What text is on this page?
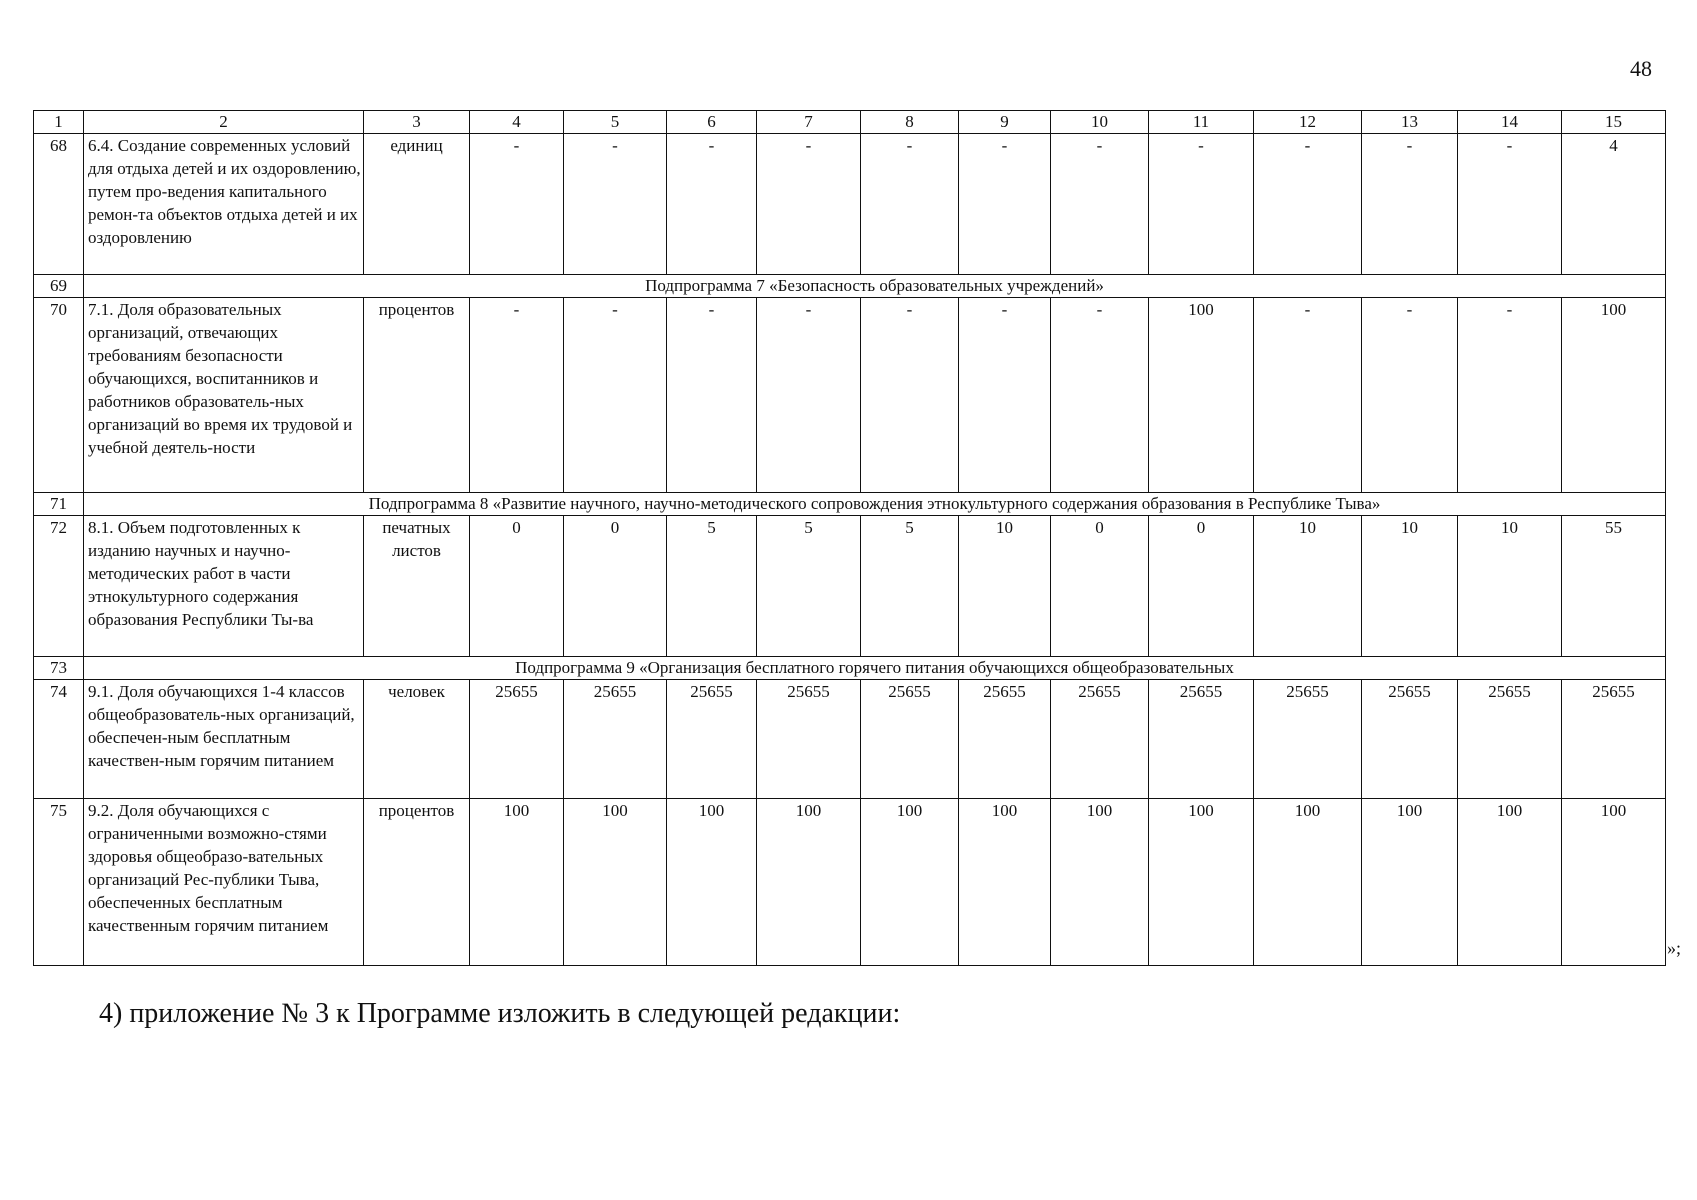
48
1	2	3	4	5	6	7	8	9	10	11	12	13	14	15
68	6.4. Создание современных условий для отдыха детей и их оздоровлению, путем про-ведения капитального ремон-та объектов отдыха детей и их оздоровлению	единиц	-	-	-	-	-	-	-	-	-	-	-	4
69	Подпрограмма 7 «Безопасность образовательных учреждений»													
70	7.1. Доля образовательных организаций, отвечающих требованиям безопасности обучающихся, воспитанников и работников образователь-ных организаций во время их трудовой и учебной деятель-ности	процентов	-	-	-	-	-	-	-	100	-	-	-	100
71	Подпрограмма 8 «Развитие научного, научно-методического сопровождения этнокультурного содержания образования в Республике Тыва»													
72	8.1. Объем подготовленных к изданию научных и научно-методических работ в части этнокультурного содержания образования Республики Ты-ва	печатных листов	0	0	5	5	5	10	0	0	10	10	10	55
73	Подпрограмма 9 «Организация бесплатного горячего питания обучающихся общеобразовательных													
74	9.1. Доля обучающихся 1-4 классов общеобразователь-ных организаций, обеспечен-ным бесплатным качествен-ным горячим питанием	человек	25655	25655	25655	25655	25655	25655	25655	25655	25655	25655	25655	25655
75	9.2. Доля обучающихся с ограниченными возможно-стями здоровья общеобразо-вательных организаций Рес-публики Тыва, обеспеченных бесплатным качественным горячим питанием	процентов	100	100	100	100	100	100	100	100	100	100	100	100
»;
4) приложение № 3 к Программе изложить в следующей редакции:
